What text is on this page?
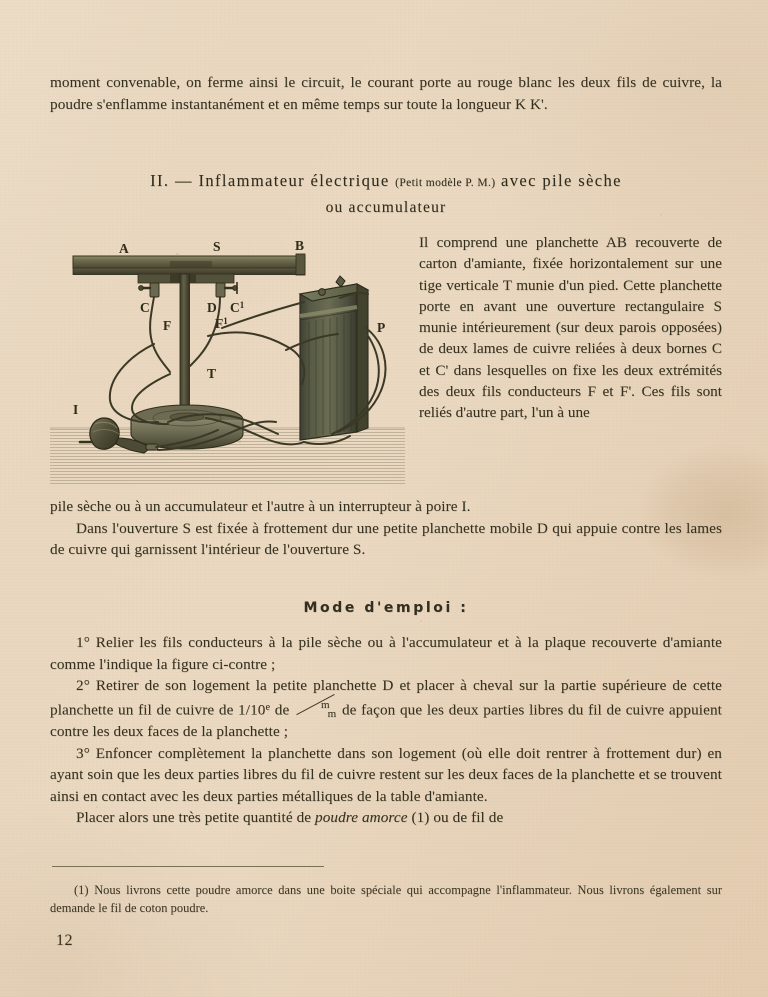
moment convenable, on ferme ainsi le circuit, le courant porte au rouge blanc les deux fils de cuivre, la poudre s'enflamme instantanément et en même temps sur toute la longueur K K'.

II. — Inflammateur électrique (Petit modèle P. M.) avec pile sèche
ou accumulateur
A	S	B
C	D $C^1$
F	$F^1$
T
I
P
Il comprend une planchette AB recouverte de carton d'amiante, fixée horizontalement sur une tige verticale T munie d'un pied. Cette planchette porte en avant une ouverture rectangulaire S munie intérieurement (sur deux parois opposées) de deux lames de cuivre reliées à deux bornes C et C' dans lesquelles on fixe les deux extrémités des deux fils conducteurs F et F'. Ces fils sont reliés d'autre part, l'un à une

pile sèche ou à un accumulateur et l'autre à un interrupteur à poire I.

Dans l'ouverture S est fixée à frottement dur une petite planchette mobile D qui appuie contre les lames de cuivre qui garnissent l'intérieur de l'ouverture S.

Mode d'emploi :

1° Relier les fils conducteurs à la pile sèche ou à l'accumulateur et à la plaque recouverte d'amiante comme l'indique la figure ci-contre ;

2° Retirer de son logement la petite planchette D et placer à cheval sur la partie supérieure de cette planchette un fil de cuivre de 1/10e de m
m de façon que les deux parties libres du fil de cuivre appuient contre les deux faces de la planchette ;

3° Enfoncer complètement la planchette dans son logement (où elle doit rentrer à frottement dur) en ayant soin que les deux parties libres du fil de cuivre restent sur les deux faces de la planchette et se trouvent ainsi en contact avec les deux parties métalliques de la table d'amiante.

Placer alors une très petite quantité de poudre amorce (1) ou de fil de

(1) Nous livrons cette poudre amorce dans une boite spéciale qui accompagne l'inflammateur. Nous livrons également sur demande le fil de coton poudre.

12
